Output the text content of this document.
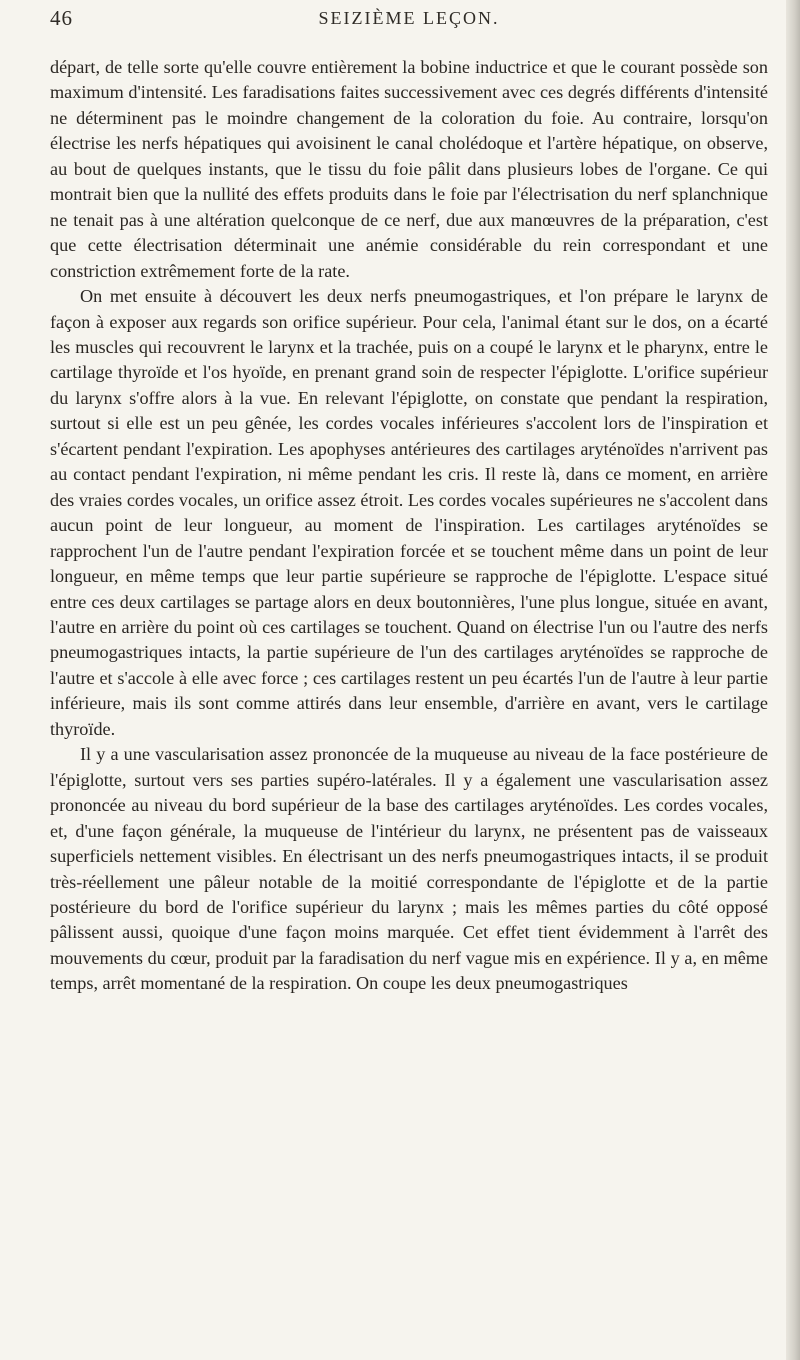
46	SEIZIÈME LEÇON.

départ, de telle sorte qu'elle couvre entièrement la bobine inductrice et que le courant possède son maximum d'intensité. Les faradisations faites successivement avec ces degrés différents d'intensité ne déterminent pas le moindre changement de la coloration du foie. Au contraire, lorsqu'on électrise les nerfs hépatiques qui avoisinent le canal cholédoque et l'artère hépatique, on observe, au bout de quelques instants, que le tissu du foie pâlit dans plusieurs lobes de l'organe. Ce qui montrait bien que la nullité des effets produits dans le foie par l'électrisation du nerf splanchnique ne tenait pas à une altération quelconque de ce nerf, due aux manœuvres de la préparation, c'est que cette électrisation déterminait une anémie considérable du rein correspondant et une constriction extrêmement forte de la rate.

On met ensuite à découvert les deux nerfs pneumogastriques, et l'on prépare le larynx de façon à exposer aux regards son orifice supérieur. Pour cela, l'animal étant sur le dos, on a écarté les muscles qui recouvrent le larynx et la trachée, puis on a coupé le larynx et le pharynx, entre le cartilage thyroïde et l'os hyoïde, en prenant grand soin de respecter l'épiglotte. L'orifice supérieur du larynx s'offre alors à la vue. En relevant l'épiglotte, on constate que pendant la respiration, surtout si elle est un peu gênée, les cordes vocales inférieures s'accolent lors de l'inspiration et s'écartent pendant l'expiration. Les apophyses antérieures des cartilages aryténoïdes n'arrivent pas au contact pendant l'expiration, ni même pendant les cris. Il reste là, dans ce moment, en arrière des vraies cordes vocales, un orifice assez étroit. Les cordes vocales supérieures ne s'accolent dans aucun point de leur longueur, au moment de l'inspiration. Les cartilages aryténoïdes se rapprochent l'un de l'autre pendant l'expiration forcée et se touchent même dans un point de leur longueur, en même temps que leur partie supérieure se rapproche de l'épiglotte. L'espace situé entre ces deux cartilages se partage alors en deux boutonnières, l'une plus longue, située en avant, l'autre en arrière du point où ces cartilages se touchent. Quand on électrise l'un ou l'autre des nerfs pneumogastriques intacts, la partie supérieure de l'un des cartilages aryténoïdes se rapproche de l'autre et s'accole à elle avec force ; ces cartilages restent un peu écartés l'un de l'autre à leur partie inférieure, mais ils sont comme attirés dans leur ensemble, d'arrière en avant, vers le cartilage thyroïde.

Il y a une vascularisation assez prononcée de la muqueuse au niveau de la face postérieure de l'épiglotte, surtout vers ses parties supéro-latérales. Il y a également une vascularisation assez prononcée au niveau du bord supérieur de la base des cartilages aryténoïdes. Les cordes vocales, et, d'une façon générale, la muqueuse de l'intérieur du larynx, ne présentent pas de vaisseaux superficiels nettement visibles. En électrisant un des nerfs pneumogastriques intacts, il se produit très-réellement une pâleur notable de la moitié correspondante de l'épiglotte et de la partie postérieure du bord de l'orifice supérieur du larynx ; mais les mêmes parties du côté opposé pâlissent aussi, quoique d'une façon moins marquée. Cet effet tient évidemment à l'arrêt des mouvements du cœur, produit par la faradisation du nerf vague mis en expérience. Il y a, en même temps, arrêt momentané de la respiration. On coupe les deux pneumogastriques
